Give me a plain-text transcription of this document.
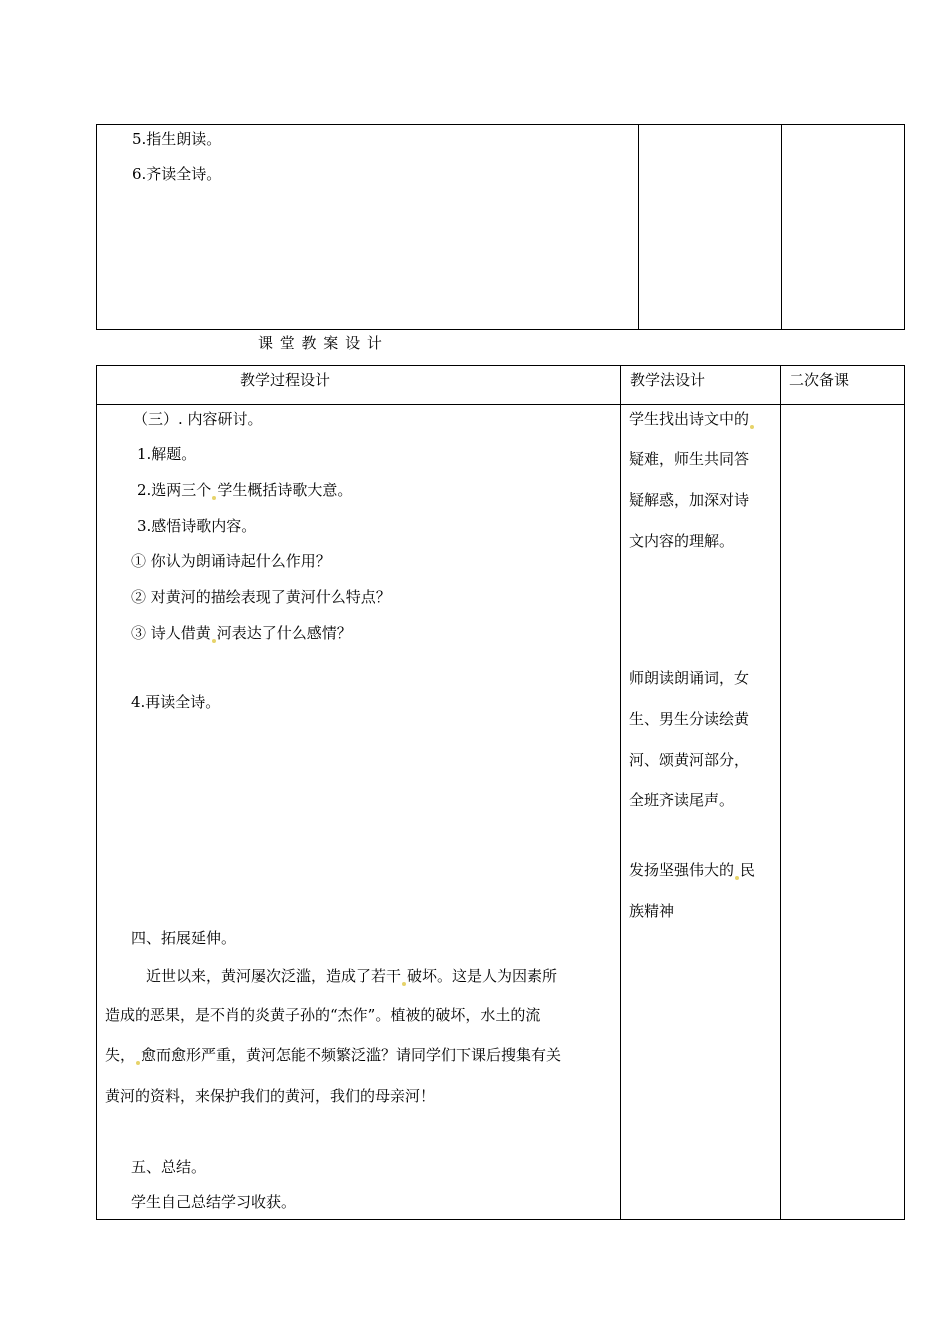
5.指生朗读。
6.齐读全诗。
课 堂 教 案 设 计
教学过程设计	教学法设计	二次备课
（三）. 内容研讨。
1.解题。
2.选两三个 学生概括诗歌大意。
3.感悟诗歌内容。
① 你认为朗诵诗起什么作用？
② 对黄河的描绘表现了黄河什么特点？
③ 诗人借黄 河表达了什么感情？
4.再读全诗。
四、拓展延伸。
近世以来，黄河屡次泛滥，造成了若干 破坏。这是人为因素所
造成的恶果，是不肖的炎黄子孙的“杰作”。植被的破坏，水土的流
失， 愈而愈形严重，黄河怎能不频繁泛滥？请同学们下课后搜集有关
黄河的资料，来保护我们的黄河，我们的母亲河！
五、总结。
学生自己总结学习收获。
学生找出诗文中的
疑难，师生共同答
疑解惑，加深对诗
文内容的理解。
师朗读朗诵词，女
生、男生分读绘黄
河、颂黄河部分，
全班齐读尾声。
发扬坚强伟大的 民
族精神
